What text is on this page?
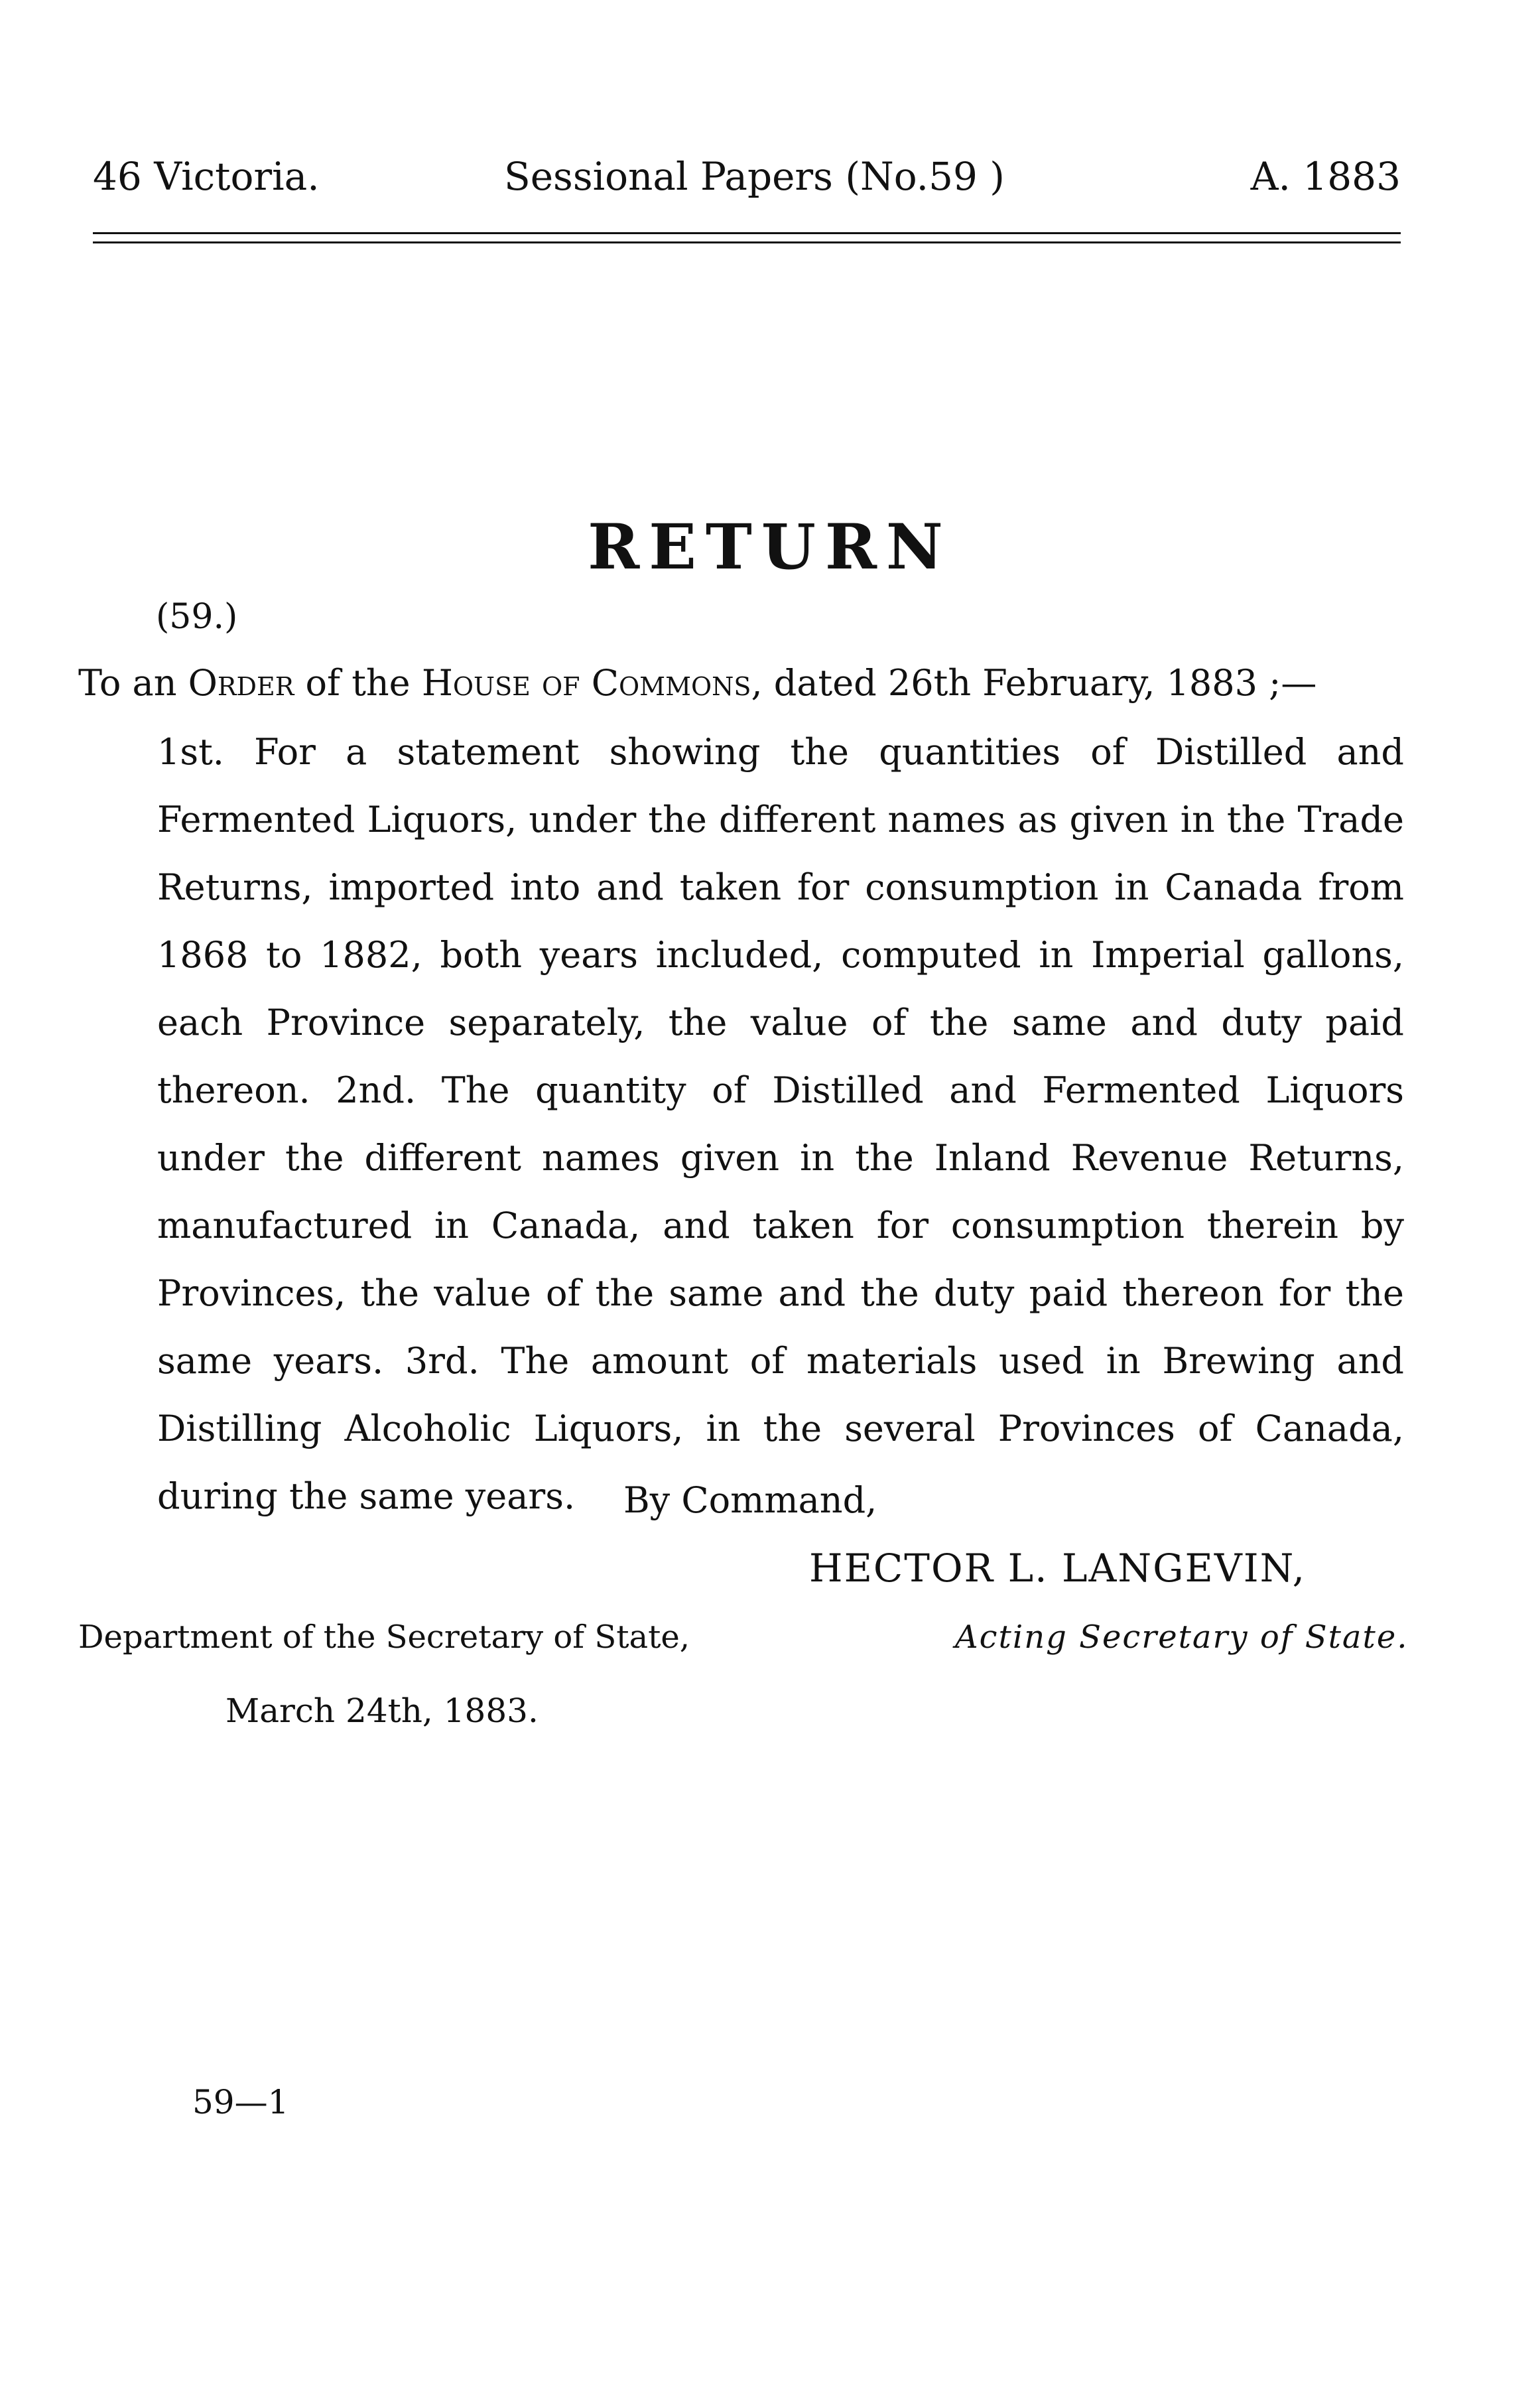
46 Victoria.	Sessional Papers (No.59 )	A. 1883
RETURN
(59.)
To an Order of the House of Commons, dated 26th February, 1883 ;—
1st. For a statement showing the quantities of Distilled and Fermented Liquors, under the different names as given in the Trade Returns, imported into and taken for consumption in Canada from 1868 to 1882, both years included, computed in Imperial gallons, each Province separately, the value of the same and duty paid thereon. 2nd. The quantity of Distilled and Fermented Liquors under the different names given in the Inland Revenue Returns, manufactured in Canada, and taken for consumption therein by Provinces, the value of the same and the duty paid thereon for the same years. 3rd. The amount of materials used in Brewing and Distilling Alcoholic Liquors, in the several Provinces of Canada, during the same years.	By Command,
HECTOR L. LANGEVIN,
Acting Secretary of State.
Department of the Secretary of State,
March 24th, 1883.
59—1
